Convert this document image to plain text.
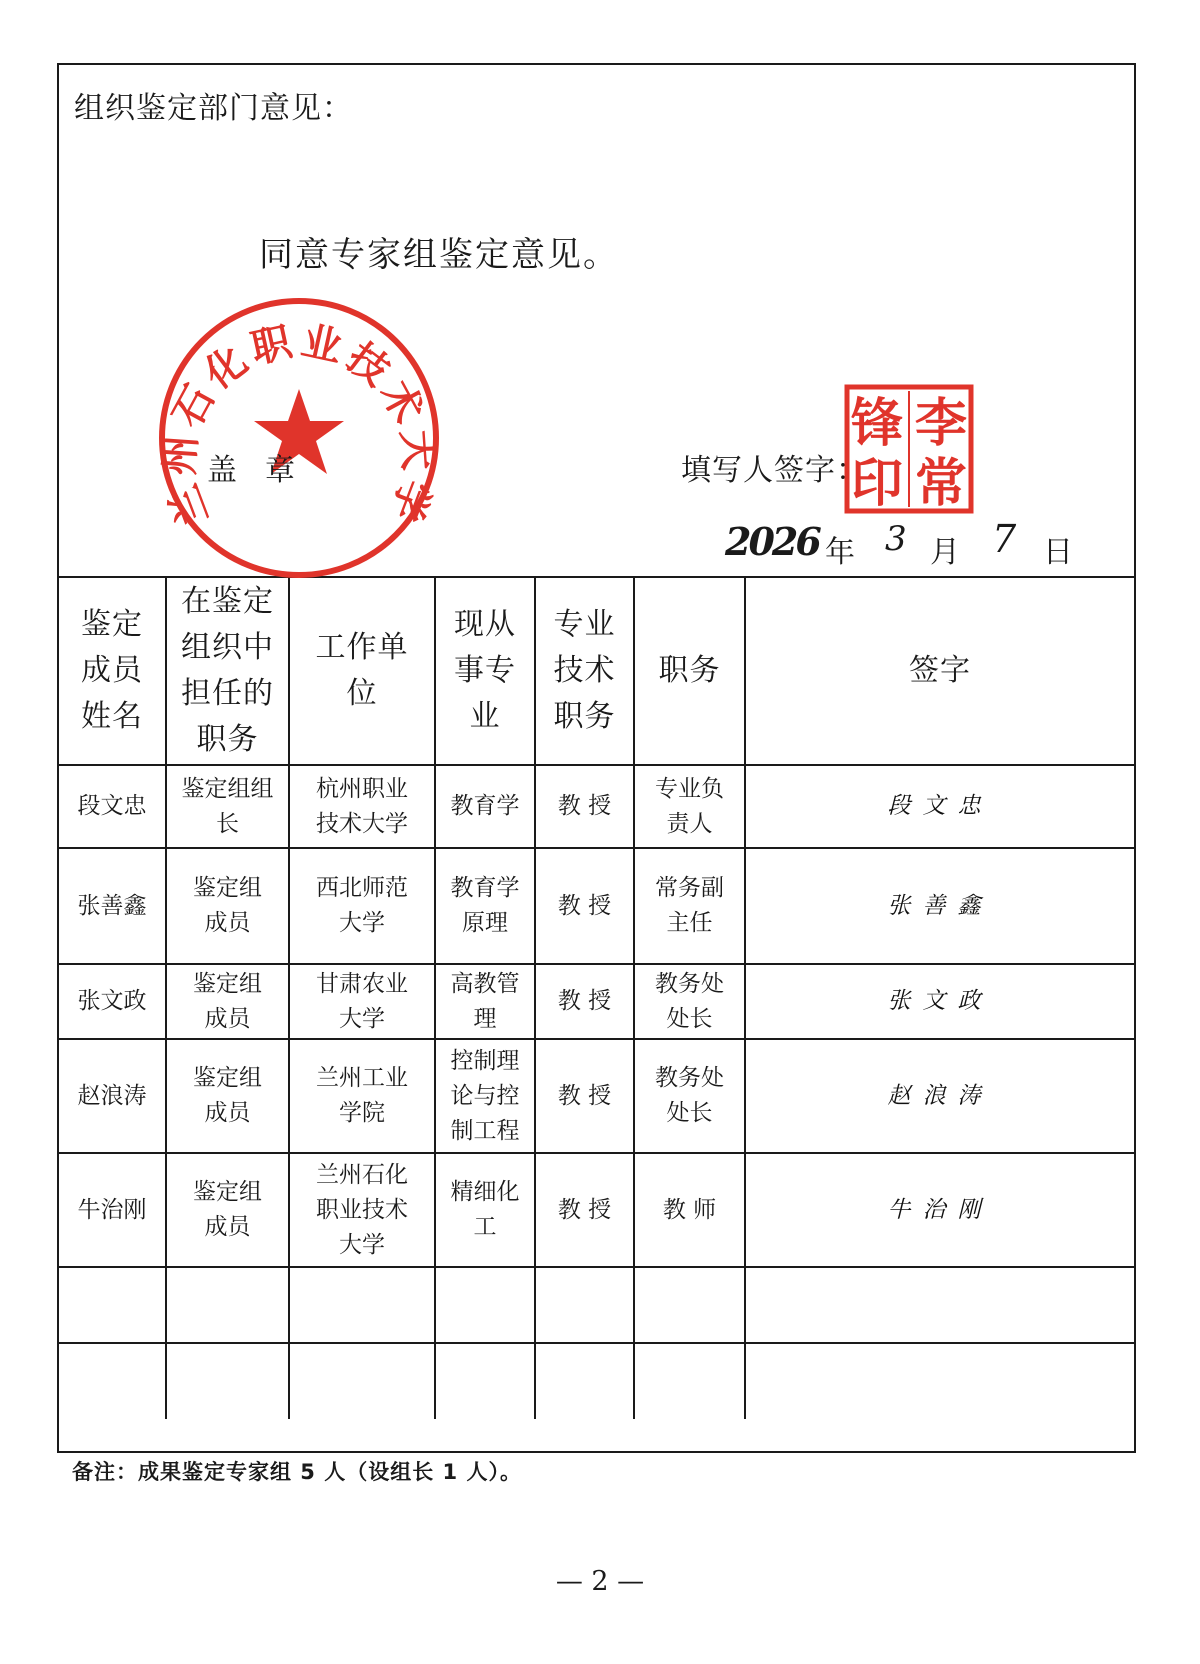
组织鉴定部门意见：
同意专家组鉴定意见。
兰州石化职业技术大学
盖章	填写人签字：
李
常
锋
印
2026 年 3 月 7 日
鉴定成员姓名	在鉴定组织中担任的职务	工作单位	现从事专业	专业技术职务	职务	签字
段文忠	鉴定组组长	杭州职业技术大学	教育学	教 授	专业负责人	段文忠
张善鑫	鉴定组成员	西北师范大学	教育学原理	教 授	常务副主任	张善鑫
张文政	鉴定组成员	甘肃农业大学	高教管理	教 授	教务处处长	张文政
赵浪涛	鉴定组成员	兰州工业学院	控制理论与控制工程	教 授	教务处处长	赵浪涛
牛治刚	鉴定组成员	兰州石化职业技术大学	精细化工	教 授	教 师	牛治刚

备注：成果鉴定专家组 5 人（设组长 1 人）。
— 2 —
